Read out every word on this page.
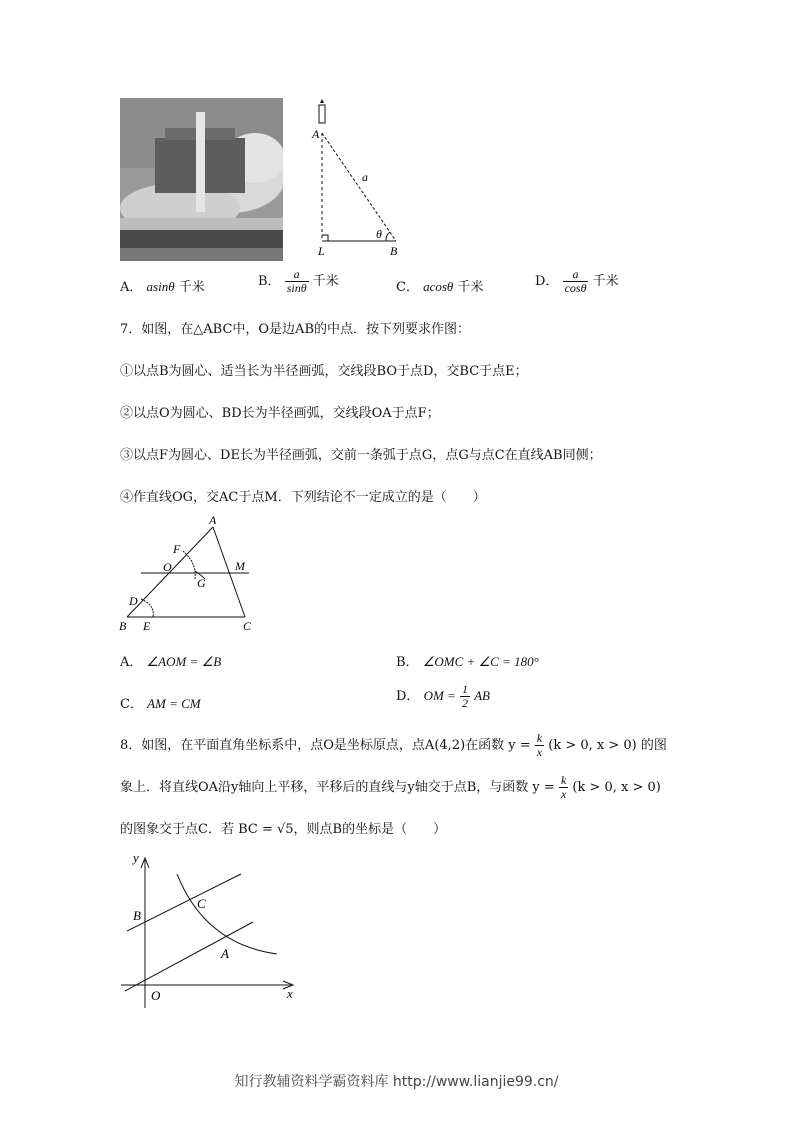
A
a
θ
L	B
A． asinθ 千米	B． $\frac{a}{\sin\theta}$ 千米	C． acosθ 千米	D． $\frac{a}{\cos\theta}$ 千米
7．如图，在△ABC中，O是边AB的中点．按下列要求作图：
①以点B为圆心、适当长为半径画弧，交线段BO于点D，交BC于点E；
②以点O为圆心、BD长为半径画弧，交线段OA于点F；
③以点F为圆心、DE长为半径画弧，交前一条弧于点G，点G与点C在直线AB同侧；
④作直线OG，交AC于点M．下列结论不一定成立的是（　　）
A
F
O
G
M
D
B E	C
A． ∠AOM = ∠B	B． ∠OMC + ∠C = 180°
C． AM = CM	D． OM = $\frac{1}{2}$ AB
8．如图，在平面直角坐标系中，点O是坐标原点，点A(4,2)在函数 $y = \frac{k}{x} (k > 0$, x > 0) 的图
象上．将直线OA沿y轴向上平移，平移后的直线与y轴交于点B，与函数 $y = \frac{k}{x} (k > 0$, x > 0)
的图象交于点C．若 BC = √5，则点B的坐标是（　　）
y
x
O
B
C
A
知行教辅资料学霸资料库 http://www.lianjie99.cn/
